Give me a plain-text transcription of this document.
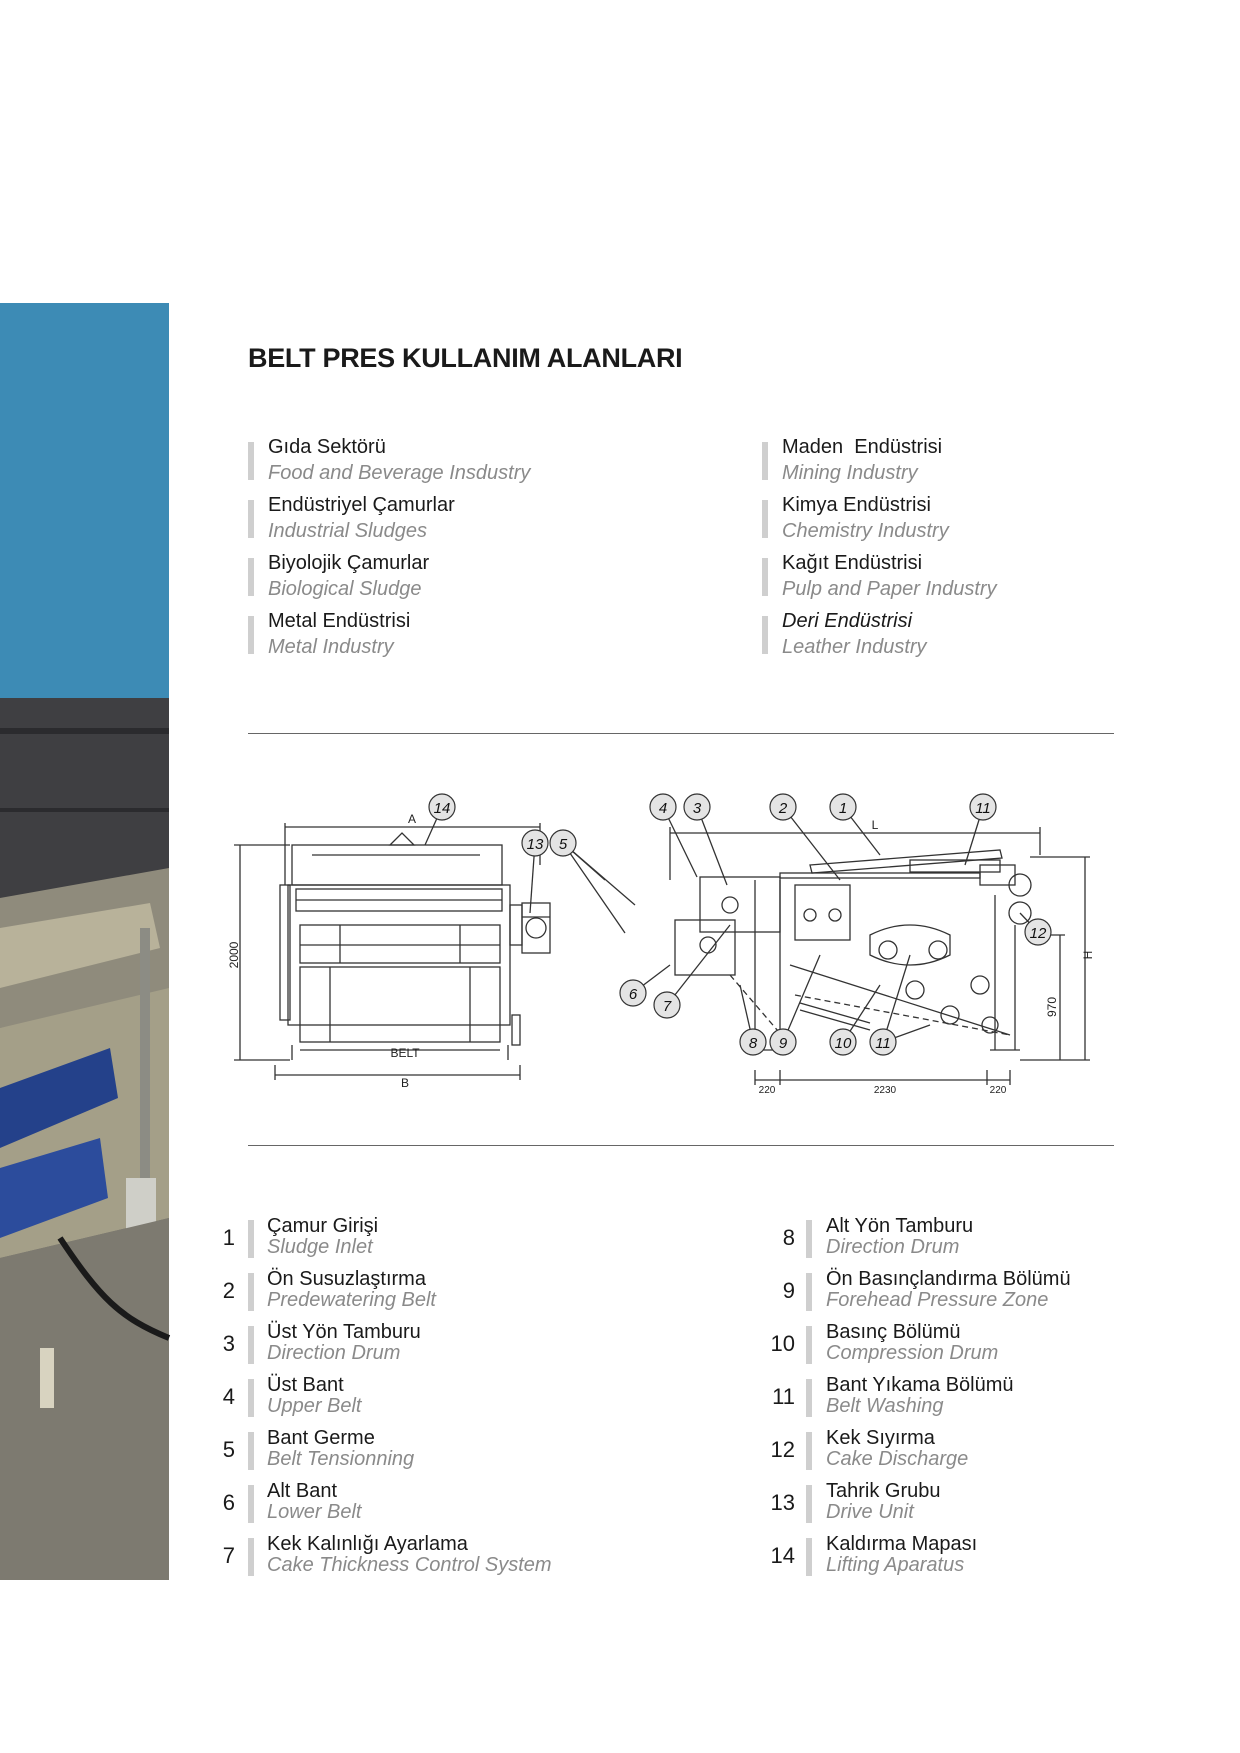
BELT PRES KULLANIM ALANLARI
Gıda Sektörü
Food and Beverage Insdustry
Endüstriyel Çamurlar
Industrial Sludges
Biyolojik Çamurlar
Biological Sludge
Metal Endüstrisi
Metal Industry
Maden  Endüstrisi
Mining Industry
Kimya Endüstrisi
Chemistry Industry
Kağıt Endüstrisi
Pulp and Paper Industry
Deri Endüstrisi
Leather Industry
14
13 5
4 3	2	1	11
12
6
7
8 9	10 11
A
BELT
B
2000
L
H
970
220	2230	220
1 Çamur Girişi
Sludge Inlet
2 Ön Susuzlaştırma
Predewatering Belt
3 Üst Yön Tamburu
Direction Drum
4 Üst Bant
Upper Belt
5 Bant Germe
Belt Tensionning
6 Alt Bant
Lower Belt
7 Kek Kalınlığı Ayarlama
Cake Thickness Control System
8 Alt Yön Tamburu
Direction Drum
9 Ön Basınçlandırma Bölümü
Forehead Pressure Zone
10 Basınç Bölümü
Compression Drum
11 Bant Yıkama Bölümü
Belt Washing
12 Kek Sıyırma
Cake Discharge
13 Tahrik Grubu
Drive Unit
14 Kaldırma Mapası
Lifting Aparatus
